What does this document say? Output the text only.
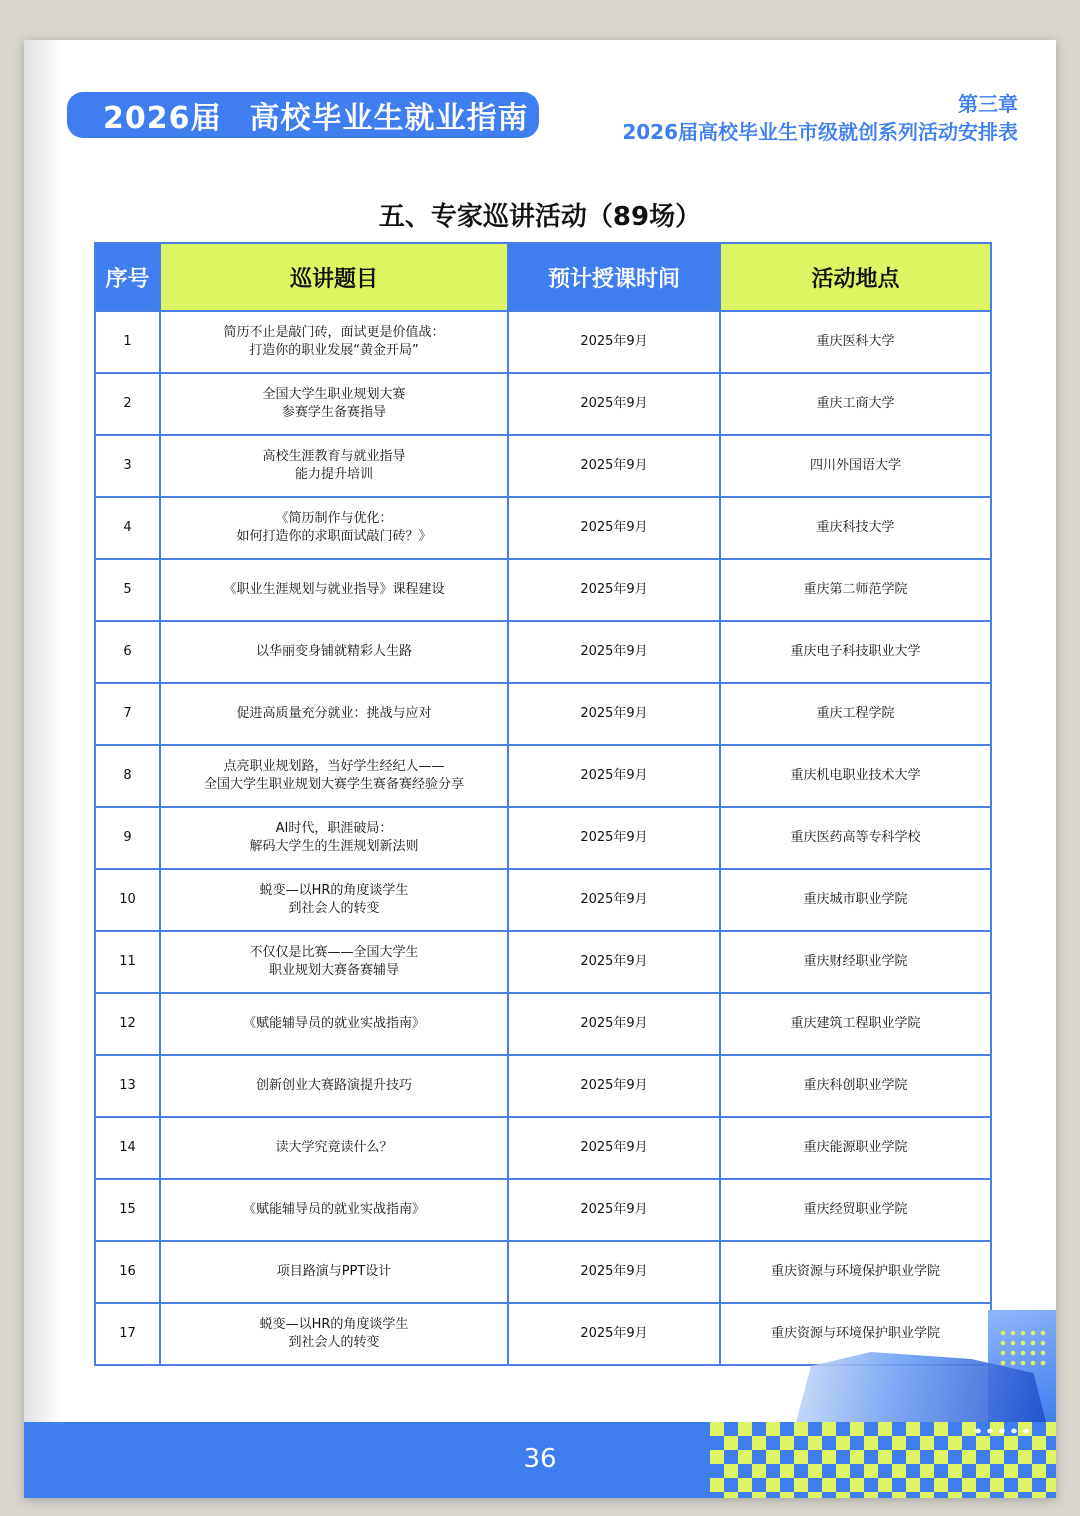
2026届 高校毕业生就业指南	第三章
2026届高校毕业生市级就创系列活动安排表
五、专家巡讲活动（89场）
序号	巡讲题目	预计授课时间	活动地点
1	简历不止是敲门砖，面试更是价值战：
打造你的职业发展“黄金开局”	2025年9月	重庆医科大学
2	全国大学生职业规划大赛
参赛学生备赛指导	2025年9月	重庆工商大学
3	高校生涯教育与就业指导
能力提升培训	2025年9月	四川外国语大学
4	《简历制作与优化：
如何打造你的求职面试敲门砖？》	2025年9月	重庆科技大学
5	《职业生涯规划与就业指导》课程建设	2025年9月	重庆第二师范学院
6	以华丽变身铺就精彩人生路	2025年9月	重庆电子科技职业大学
7	促进高质量充分就业：挑战与应对	2025年9月	重庆工程学院
8	点亮职业规划路，当好学生经纪人——
全国大学生职业规划大赛学生赛备赛经验分享	2025年9月	重庆机电职业技术大学
9	AI时代，职涯破局：
解码大学生的生涯规划新法则	2025年9月	重庆医药高等专科学校
10	蜕变—以HR的角度谈学生
到社会人的转变	2025年9月	重庆城市职业学院
11	不仅仅是比赛——全国大学生
职业规划大赛备赛辅导	2025年9月	重庆财经职业学院
12	《赋能辅导员的就业实战指南》	2025年9月	重庆建筑工程职业学院
13	创新创业大赛路演提升技巧	2025年9月	重庆科创职业学院
14	读大学究竟读什么？	2025年9月	重庆能源职业学院
15	《赋能辅导员的就业实战指南》	2025年9月	重庆经贸职业学院
16	项目路演与PPT设计	2025年9月	重庆资源与环境保护职业学院
17	蜕变—以HR的角度谈学生
到社会人的转变	2025年9月	重庆资源与环境保护职业学院
36
